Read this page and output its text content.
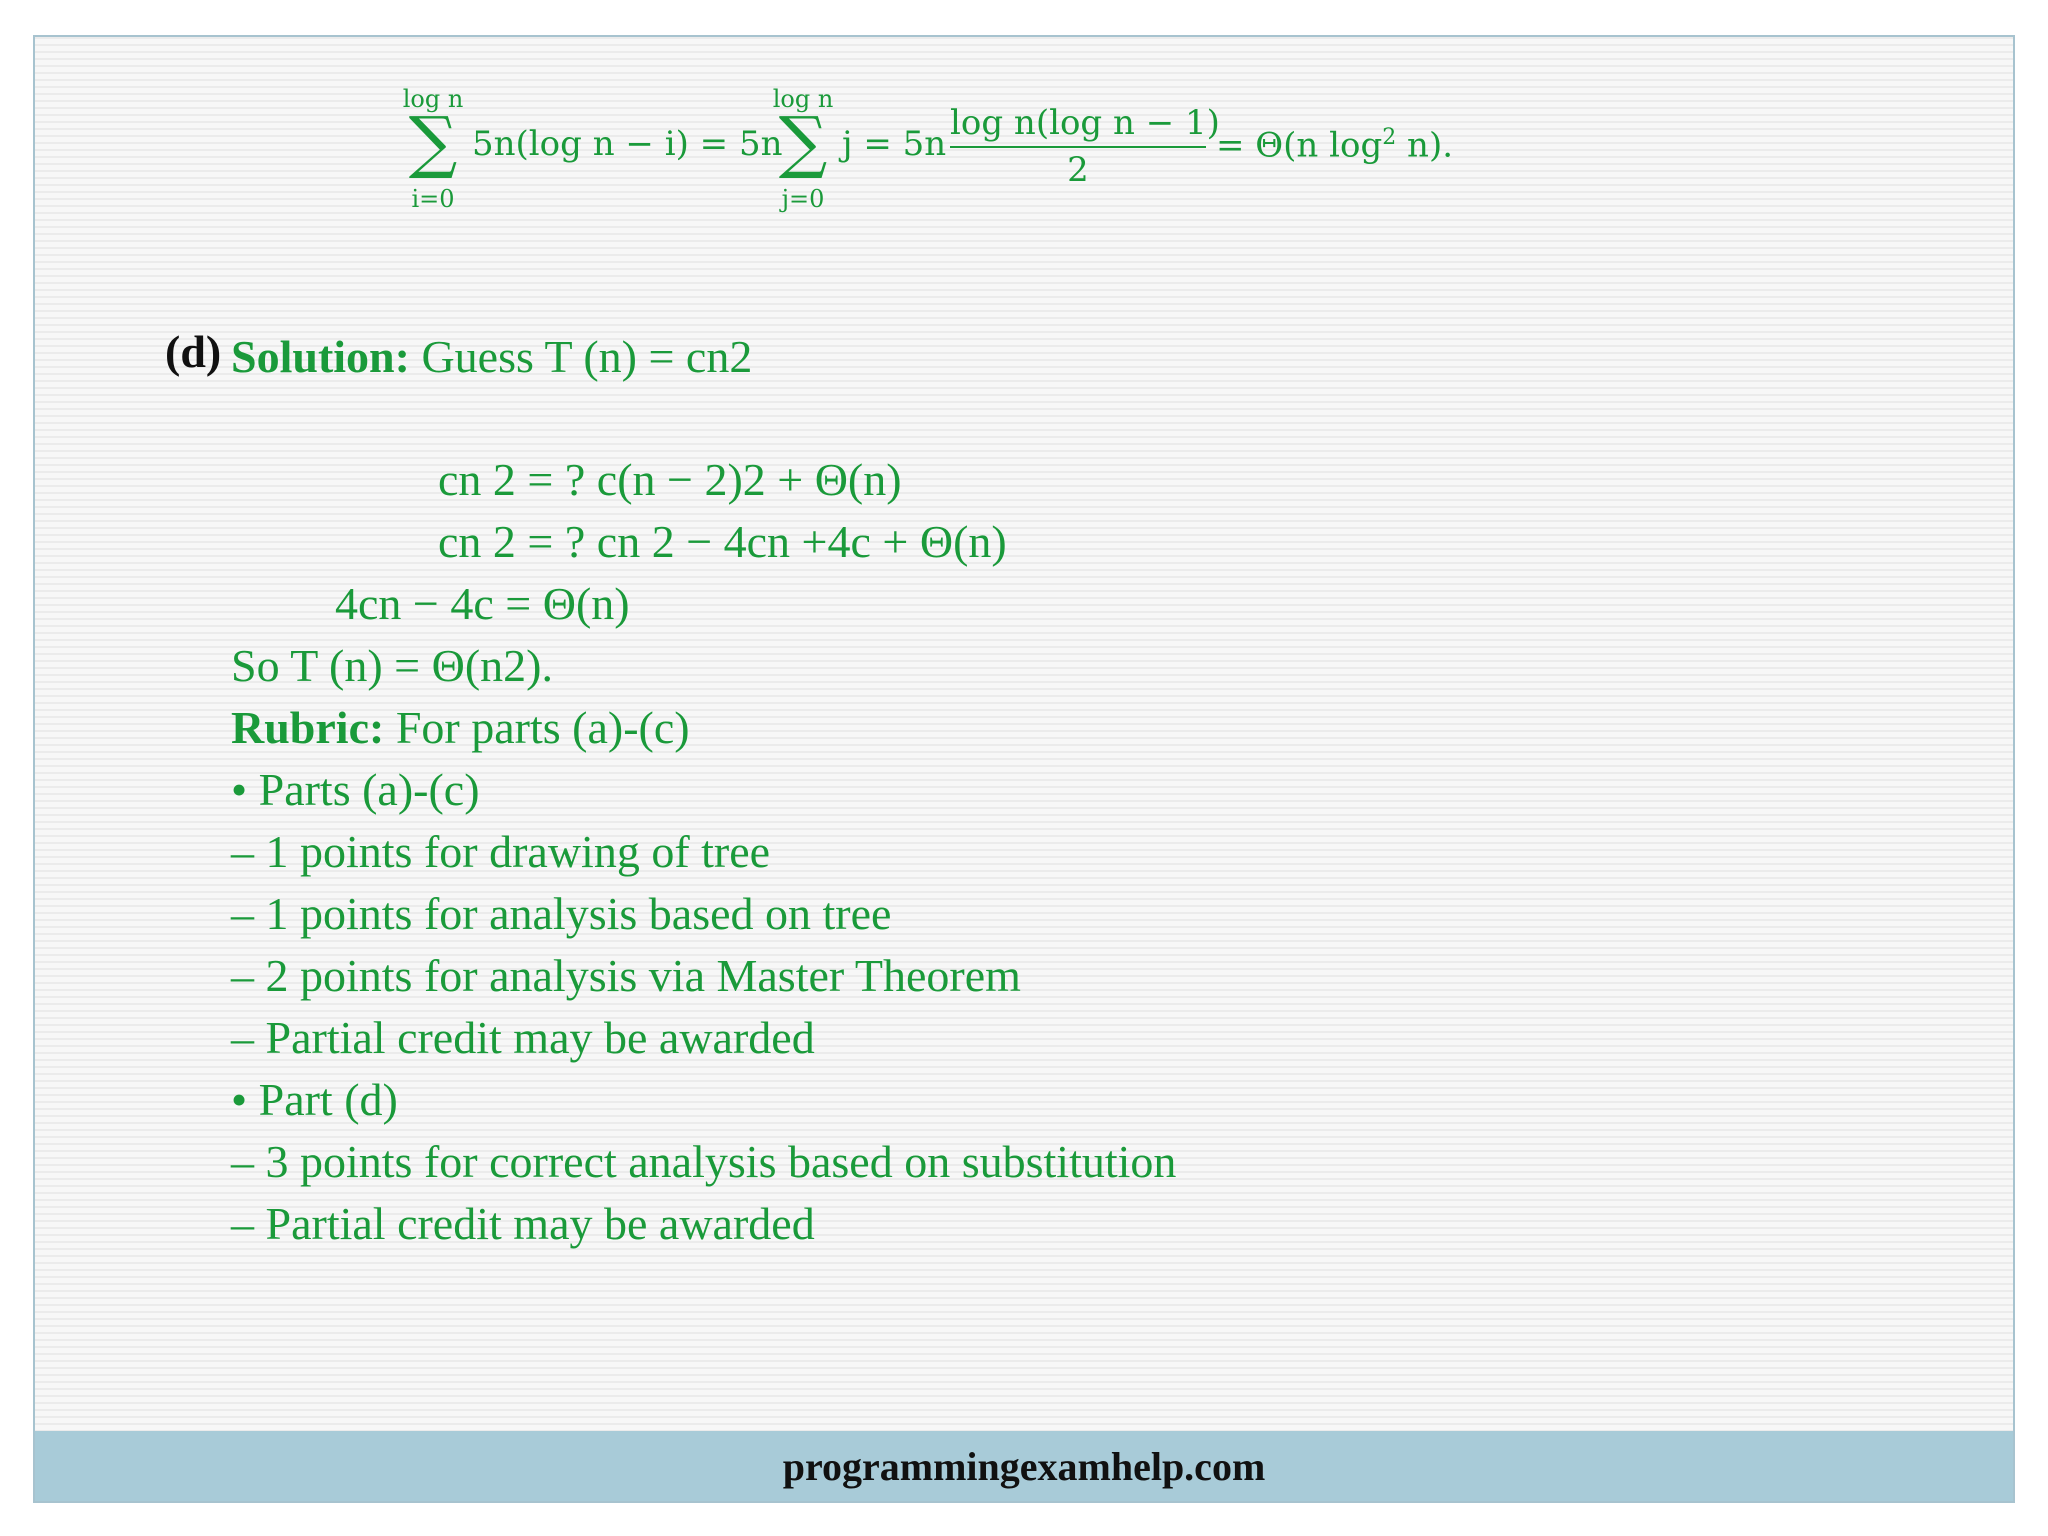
log n
∑
i=0
5n(log n − i) = 5n
log n
∑
j=0
j = 5n
log n(log n − 1)
2
= Θ(n $\log^2 n$).
(d) Solution: Guess T (n) = cn2
cn 2 = ? c(n − 2)2 + Θ(n)
cn 2 = ? cn 2 − 4cn +4c + Θ(n)
4cn − 4c = Θ(n)
So T (n) = Θ(n2).
Rubric: For parts (a)-(c)
• Parts (a)-(c)
– 1 points for drawing of tree
– 1 points for analysis based on tree
– 2 points for analysis via Master Theorem
– Partial credit may be awarded
• Part (d)
– 3 points for correct analysis based on substitution
– Partial credit may be awarded
programmingexamhelp.com
